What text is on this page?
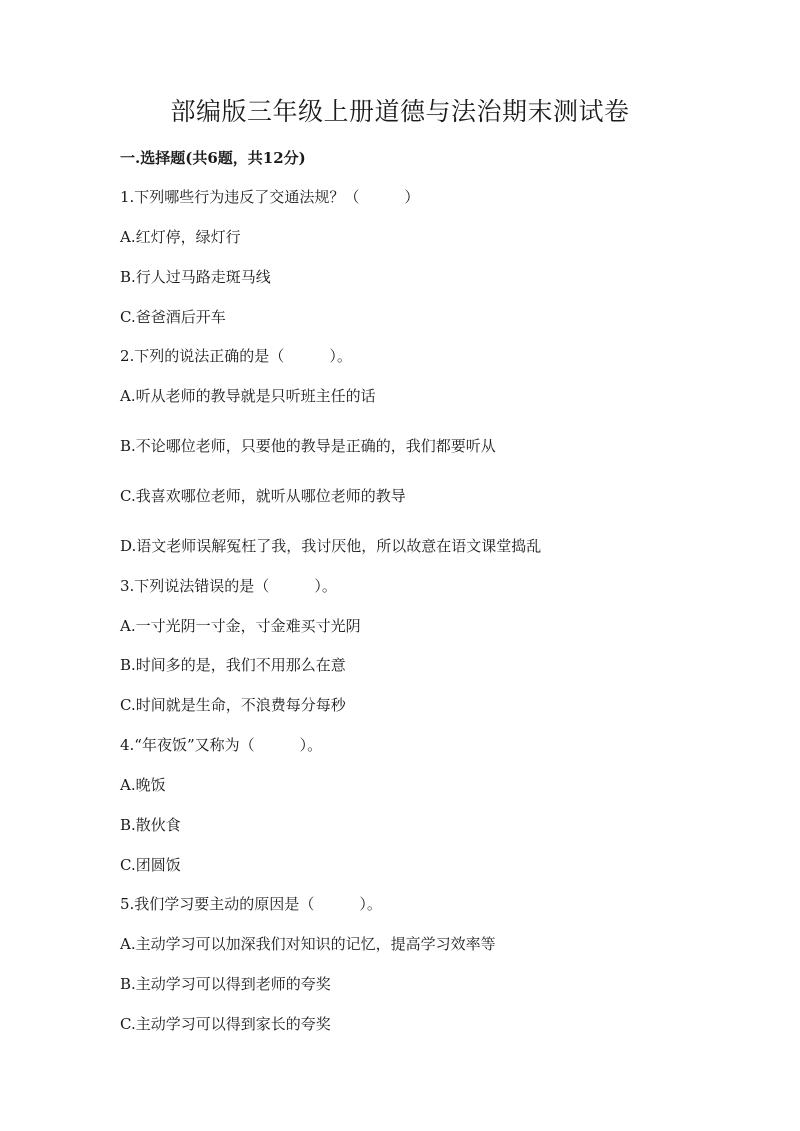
部编版三年级上册道德与法治期末测试卷
一.选择题(共6题，共12分)
1.下列哪些行为违反了交通法规？（　　　）
A.红灯停，绿灯行
B.行人过马路走斑马线
C.爸爸酒后开车
2.下列的说法正确的是（　　　）。
A.听从老师的教导就是只听班主任的话
B.不论哪位老师，只要他的教导是正确的，我们都要听从
C.我喜欢哪位老师，就听从哪位老师的教导
D.语文老师误解冤枉了我，我讨厌他，所以故意在语文课堂捣乱
3.下列说法错误的是（　　　）。
A.一寸光阴一寸金，寸金难买寸光阴
B.时间多的是，我们不用那么在意
C.时间就是生命，不浪费每分每秒
4.“年夜饭”又称为（　　　）。
A.晚饭
B.散伙食
C.团圆饭
5.我们学习要主动的原因是（　　　）。
A.主动学习可以加深我们对知识的记忆，提高学习效率等
B.主动学习可以得到老师的夸奖
C.主动学习可以得到家长的夸奖
